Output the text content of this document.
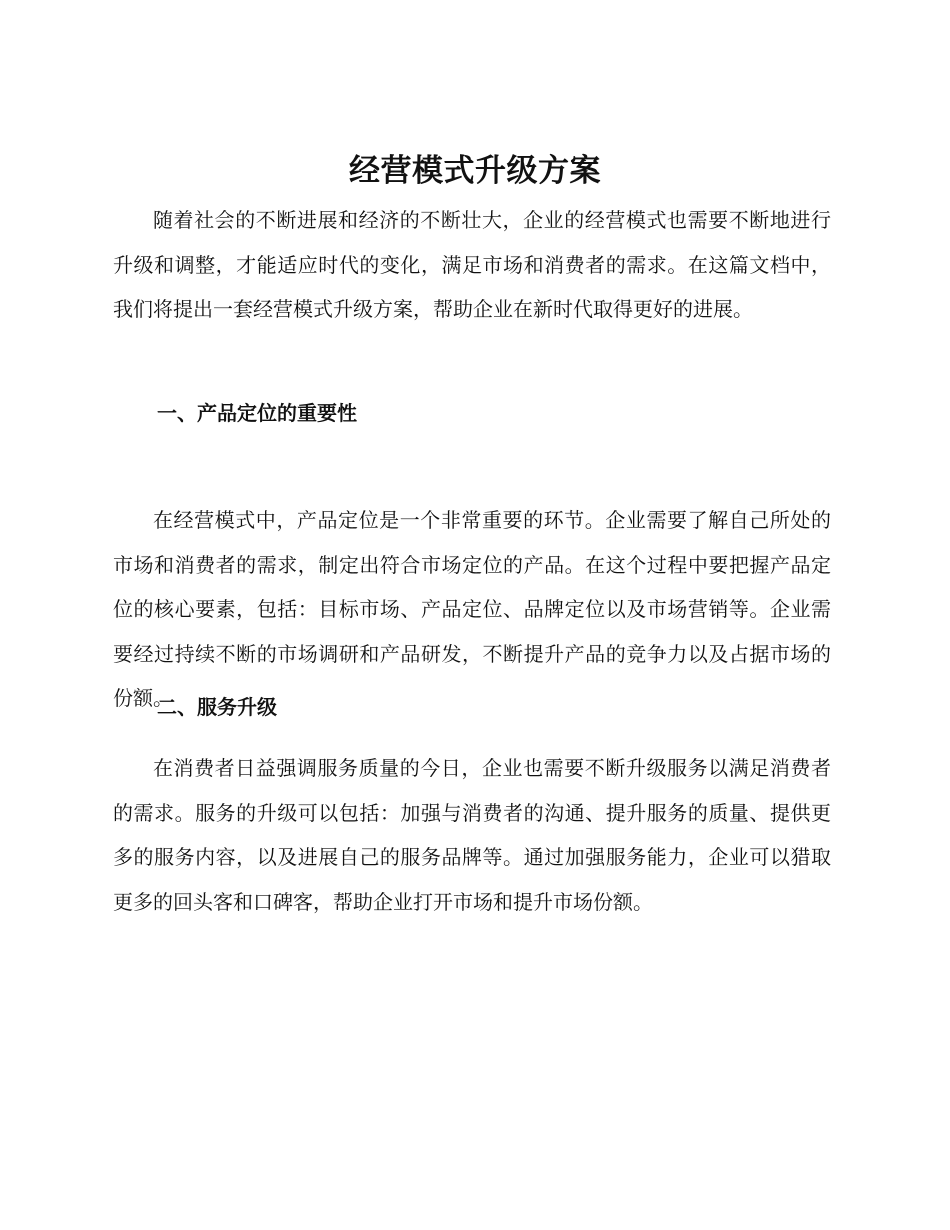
经营模式升级方案

随着社会的不断进展和经济的不断壮大，企业的经营模式也需要不断地进行升级和调整，才能适应时代的变化，满足市场和消费者的需求。在这篇文档中，我们将提出一套经营模式升级方案，帮助企业在新时代取得更好的进展。

一、产品定位的重要性

在经营模式中，产品定位是一个非常重要的环节。企业需要了解自己所处的市场和消费者的需求，制定出符合市场定位的产品。在这个过程中要把握产品定位的核心要素，包括：目标市场、产品定位、品牌定位以及市场营销等。企业需要经过持续不断的市场调研和产品研发，不断提升产品的竞争力以及占据市场的份额。

二、服务升级

在消费者日益强调服务质量的今日，企业也需要不断升级服务以满足消费者的需求。服务的升级可以包括：加强与消费者的沟通、提升服务的质量、提供更多的服务内容，以及进展自己的服务品牌等。通过加强服务能力，企业可以猎取更多的回头客和口碑客，帮助企业打开市场和提升市场份额。
